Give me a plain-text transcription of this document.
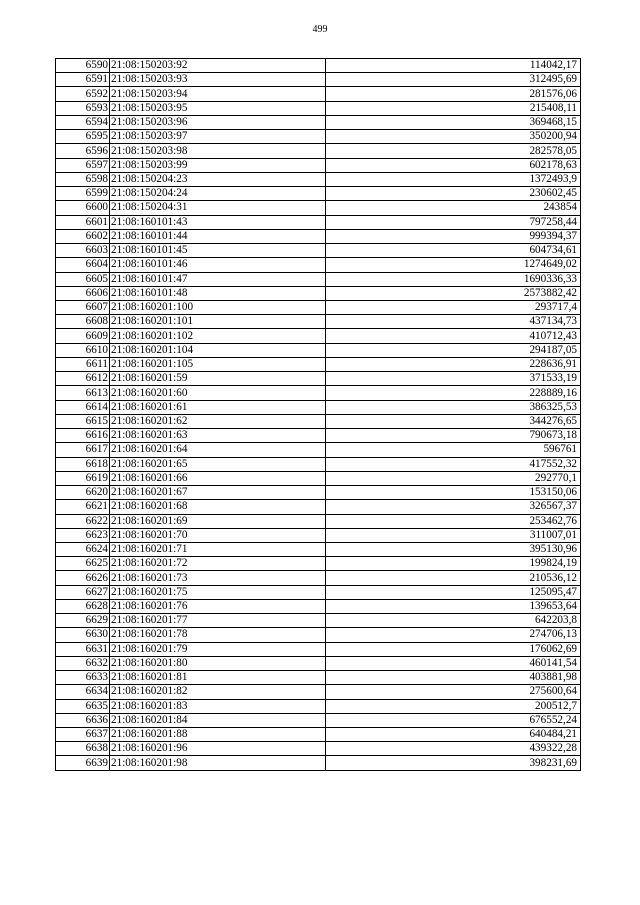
499
6590	21:08:150203:92	114042,17
6591	21:08:150203:93	312495,69
6592	21:08:150203:94	281576,06
6593	21:08:150203:95	215408,11
6594	21:08:150203:96	369468,15
6595	21:08:150203:97	350200,94
6596	21:08:150203:98	282578,05
6597	21:08:150203:99	602178,63
6598	21:08:150204:23	1372493,9
6599	21:08:150204:24	230602,45
6600	21:08:150204:31	243854
6601	21:08:160101:43	797258,44
6602	21:08:160101:44	999394,37
6603	21:08:160101:45	604734,61
6604	21:08:160101:46	1274649,02
6605	21:08:160101:47	1690336,33
6606	21:08:160101:48	2573882,42
6607	21:08:160201:100	293717,4
6608	21:08:160201:101	437134,73
6609	21:08:160201:102	410712,43
6610	21:08:160201:104	294187,05
6611	21:08:160201:105	228636,91
6612	21:08:160201:59	371533,19
6613	21:08:160201:60	228889,16
6614	21:08:160201:61	386325,53
6615	21:08:160201:62	344276,65
6616	21:08:160201:63	790673,18
6617	21:08:160201:64	596761
6618	21:08:160201:65	417552,32
6619	21:08:160201:66	292770,1
6620	21:08:160201:67	153150,06
6621	21:08:160201:68	326567,37
6622	21:08:160201:69	253462,76
6623	21:08:160201:70	311007,01
6624	21:08:160201:71	395130,96
6625	21:08:160201:72	199824,19
6626	21:08:160201:73	210536,12
6627	21:08:160201:75	125095,47
6628	21:08:160201:76	139653,64
6629	21:08:160201:77	642203,8
6630	21:08:160201:78	274706,13
6631	21:08:160201:79	176062,69
6632	21:08:160201:80	460141,54
6633	21:08:160201:81	403881,98
6634	21:08:160201:82	275600,64
6635	21:08:160201:83	200512,7
6636	21:08:160201:84	676552,24
6637	21:08:160201:88	640484,21
6638	21:08:160201:96	439322,28
6639	21:08:160201:98	398231,69
